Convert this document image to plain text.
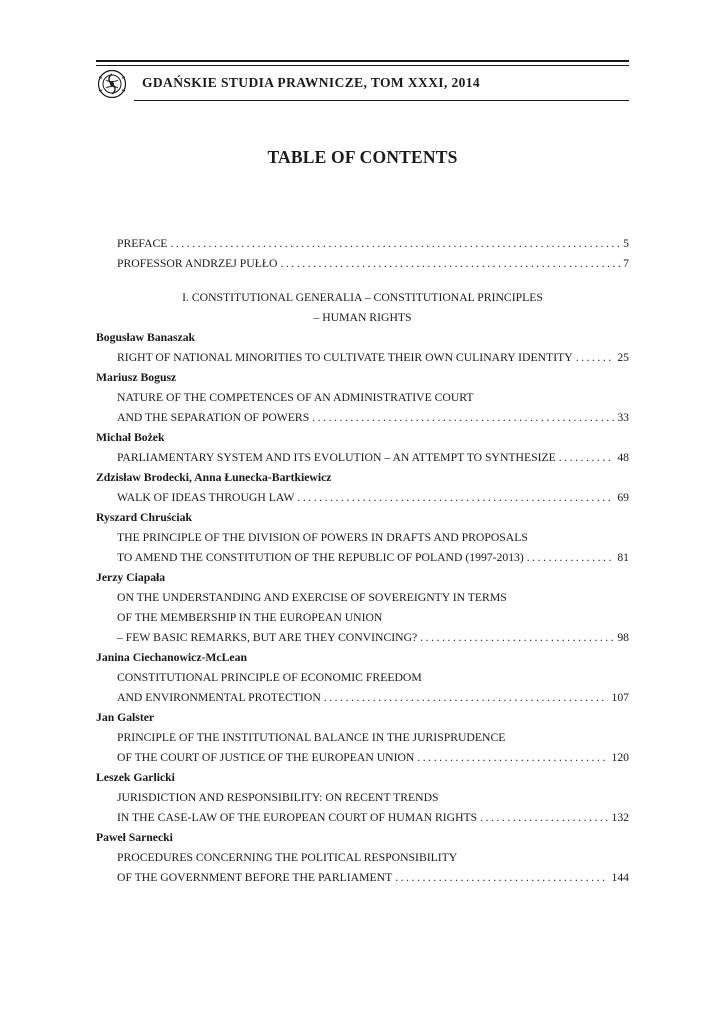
GDAŃSKIE STUDIA PRAWNICZE, TOM XXXI, 2014
TABLE OF CONTENTS
PREFACE . . .	5
PROFESSOR ANDRZEJ PUŁŁO . . .	7
I. CONSTITUTIONAL GENERALIA – CONSTITUTIONAL PRINCIPLES
– HUMAN RIGHTS
Bogusław Banaszak
RIGHT OF NATIONAL MINORITIES TO CULTIVATE THEIR OWN CULINARY IDENTITY . . .	25
Mariusz Bogusz
NATURE OF THE COMPETENCES OF AN ADMINISTRATIVE COURT
AND THE SEPARATION OF POWERS . . .	33
Michał Bożek
PARLIAMENTARY SYSTEM AND ITS EVOLUTION – AN ATTEMPT TO SYNTHESIZE . . .	48
Zdzisław Brodecki, Anna Łunecka-Bartkiewicz
WALK OF IDEAS THROUGH LAW . . .	69
Ryszard Chruściak
THE PRINCIPLE OF THE DIVISION OF POWERS IN DRAFTS AND PROPOSALS
TO AMEND THE CONSTITUTION OF THE REPUBLIC OF POLAND (1997-2013) . . .	81
Jerzy Ciapała
ON THE UNDERSTANDING AND EXERCISE OF SOVEREIGNTY IN TERMS
OF THE MEMBERSHIP IN THE EUROPEAN UNION
– FEW BASIC REMARKS, BUT ARE THEY CONVINCING? . . .	98
Janina Ciechanowicz-McLean
CONSTITUTIONAL PRINCIPLE OF ECONOMIC FREEDOM
AND ENVIRONMENTAL PROTECTION . . .	107
Jan Galster
PRINCIPLE OF THE INSTITUTIONAL BALANCE IN THE JURISPRUDENCE
OF THE COURT OF JUSTICE OF THE EUROPEAN UNION . . .	120
Leszek Garlicki
JURISDICTION AND RESPONSIBILITY: ON RECENT TRENDS
IN THE CASE-LAW OF THE EUROPEAN COURT OF HUMAN RIGHTS . . .	132
Paweł Sarnecki
PROCEDURES CONCERNING THE POLITICAL RESPONSIBILITY
OF THE GOVERNMENT BEFORE THE PARLIAMENT . . .	144
